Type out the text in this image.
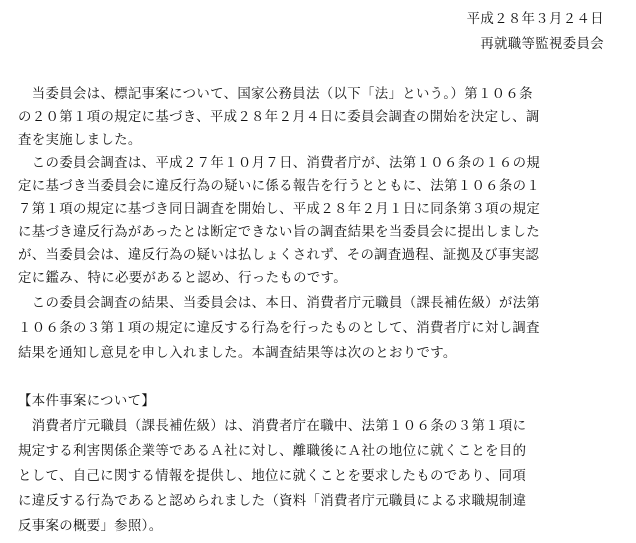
平成２８年３月２４日
再就職等監視委員会
　当委員会は、標記事案について、国家公務員法（以下「法」という。）第１０６条
の２０第１項の規定に基づき、平成２８年２月４日に委員会調査の開始を決定し、調
査を実施しました。
　この委員会調査は、平成２７年１０月７日、消費者庁が、法第１０６条の１６の規
定に基づき当委員会に違反行為の疑いに係る報告を行うとともに、法第１０６条の１
７第１項の規定に基づき同日調査を開始し、平成２８年２月１日に同条第３項の規定
に基づき違反行為があったとは断定できない旨の調査結果を当委員会に提出しました
が、当委員会は、違反行為の疑いは払しょくされず、その調査過程、証拠及び事実認
定に鑑み、特に必要があると認め、行ったものです。
　この委員会調査の結果、当委員会は、本日、消費者庁元職員（課長補佐級）が法第
１０６条の３第１項の規定に違反する行為を行ったものとして、消費者庁に対し調査
結果を通知し意見を申し入れました。本調査結果等は次のとおりです。
【本件事案について】
　消費者庁元職員（課長補佐級）は、消費者庁在職中、法第１０６条の３第１項に
規定する利害関係企業等であるＡ社に対し、離職後にＡ社の地位に就くことを目的
として、自己に関する情報を提供し、地位に就くことを要求したものであり、同項
に違反する行為であると認められました（資料「消費者庁元職員による求職規制違
反事案の概要」参照）。
